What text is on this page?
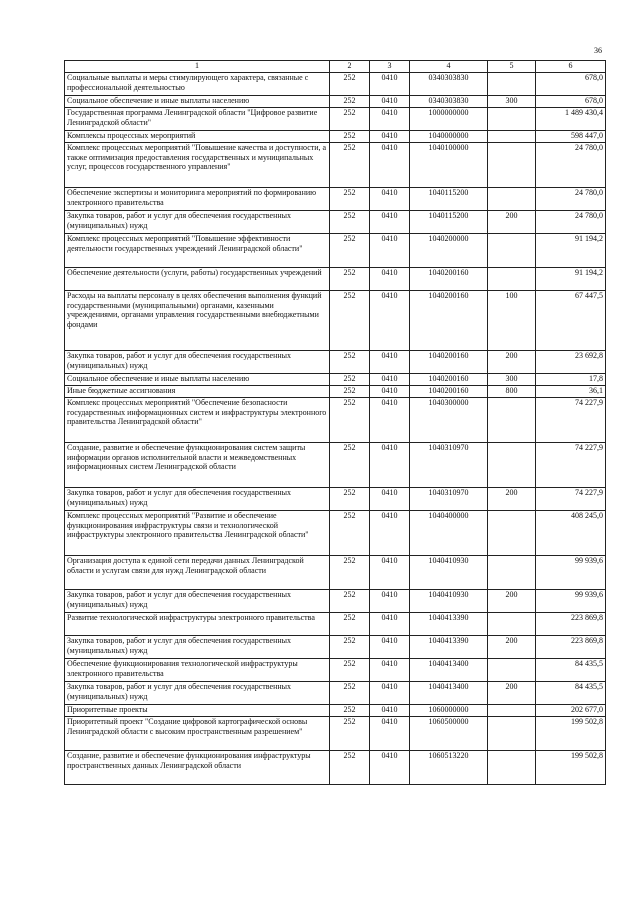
36
1	2	3	4	5	6
Социальные выплаты и меры стимулирующего характера, связанные с профессиональной деятельностью	252	0410	0340303830		678,0
Социальное обеспечение и иные выплаты населению	252	0410	0340303830	300	678,0
Государственная программа Ленинградской области "Цифровое развитие Ленинградской области"	252	0410	1000000000		1 489 430,4
Комплексы процессных мероприятий	252	0410	1040000000		598 447,0
Комплекс процессных мероприятий "Повышение качества и доступности, а также оптимизация предоставления государственных и муниципальных услуг, процессов государственного управления"	252	0410	1040100000		24 780,0
Обеспечение экспертизы и мониторинга мероприятий по формированию электронного правительства	252	0410	1040115200		24 780,0
Закупка товаров, работ и услуг для обеспечения государственных (муниципальных) нужд	252	0410	1040115200	200	24 780,0
Комплекс процессных мероприятий "Повышение эффективности деятельности государственных учреждений Ленинградской области"	252	0410	1040200000		91 194,2
Обеспечение деятельности (услуги, работы) государственных учреждений	252	0410	1040200160		91 194,2
Расходы на выплаты персоналу в целях обеспечения выполнения функций государственными (муниципальными) органами, казенными учреждениями, органами управления государственными внебюджетными фондами	252	0410	1040200160	100	67 447,5
Закупка товаров, работ и услуг для обеспечения государственных (муниципальных) нужд	252	0410	1040200160	200	23 692,8
Социальное обеспечение и иные выплаты населению	252	0410	1040200160	300	17,8
Иные бюджетные ассигнования	252	0410	1040200160	800	36,1
Комплекс процессных мероприятий "Обеспечение безопасности государственных информационных систем и инфраструктуры электронного правительства Ленинградской области"	252	0410	1040300000		74 227,9
Создание, развитие и обеспечение функционирования систем защиты информации органов исполнительной власти и межведомственных информационных систем Ленинградской области	252	0410	1040310970		74 227,9
Закупка товаров, работ и услуг для обеспечения государственных (муниципальных) нужд	252	0410	1040310970	200	74 227,9
Комплекс процессных мероприятий "Развитие и обеспечение функционирования инфраструктуры связи и технологической инфраструктуры электронного правительства Ленинградской области"	252	0410	1040400000		408 245,0
Организация доступа к единой сети передачи данных Ленинградской области и услугам связи для нужд Ленинградской области	252	0410	1040410930		99 939,6
Закупка товаров, работ и услуг для обеспечения государственных (муниципальных) нужд	252	0410	1040410930	200	99 939,6
Развитие технологической инфраструктуры электронного правительства	252	0410	1040413390		223 869,8
Закупка товаров, работ и услуг для обеспечения государственных (муниципальных) нужд	252	0410	1040413390	200	223 869,8
Обеспечение функционирования технологической инфраструктуры электронного правительства	252	0410	1040413400		84 435,5
Закупка товаров, работ и услуг для обеспечения государственных (муниципальных) нужд	252	0410	1040413400	200	84 435,5
Приоритетные проекты	252	0410	1060000000		202 677,0
Приоритетный проект "Создание цифровой картографической основы Ленинградской области с высоким пространственным разрешением"	252	0410	1060500000		199 502,8
Создание, развитие и обеспечение функционирования инфраструктуры пространственных данных Ленинградской области	252	0410	1060513220		199 502,8
